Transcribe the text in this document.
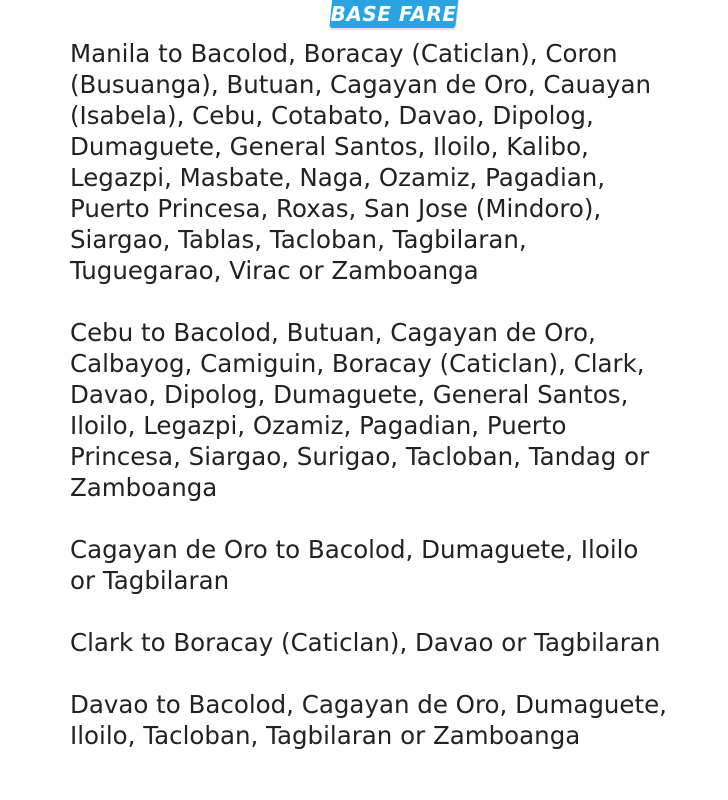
BASE FARE

Manila to Bacolod, Boracay (Caticlan), Coron (Busuanga), Butuan, Cagayan de Oro, Cauayan (Isabela), Cebu, Cotabato, Davao, Dipolog, Dumaguete, General Santos, Iloilo, Kalibo, Legazpi, Masbate, Naga, Ozamiz, Pagadian, Puerto Princesa, Roxas, San Jose (Mindoro), Siargao, Tablas, Tacloban, Tagbilaran, Tuguegarao, Virac or Zamboanga

Cebu to Bacolod, Butuan, Cagayan de Oro, Calbayog, Camiguin, Boracay (Caticlan), Clark, Davao, Dipolog, Dumaguete, General Santos, Iloilo, Legazpi, Ozamiz, Pagadian, Puerto Princesa, Siargao, Surigao, Tacloban, Tandag or Zamboanga

Cagayan de Oro to Bacolod, Dumaguete, Iloilo or Tagbilaran

Clark to Boracay (Caticlan), Davao or Tagbilaran

Davao to Bacolod, Cagayan de Oro, Dumaguete, Iloilo, Tacloban, Tagbilaran or Zamboanga
